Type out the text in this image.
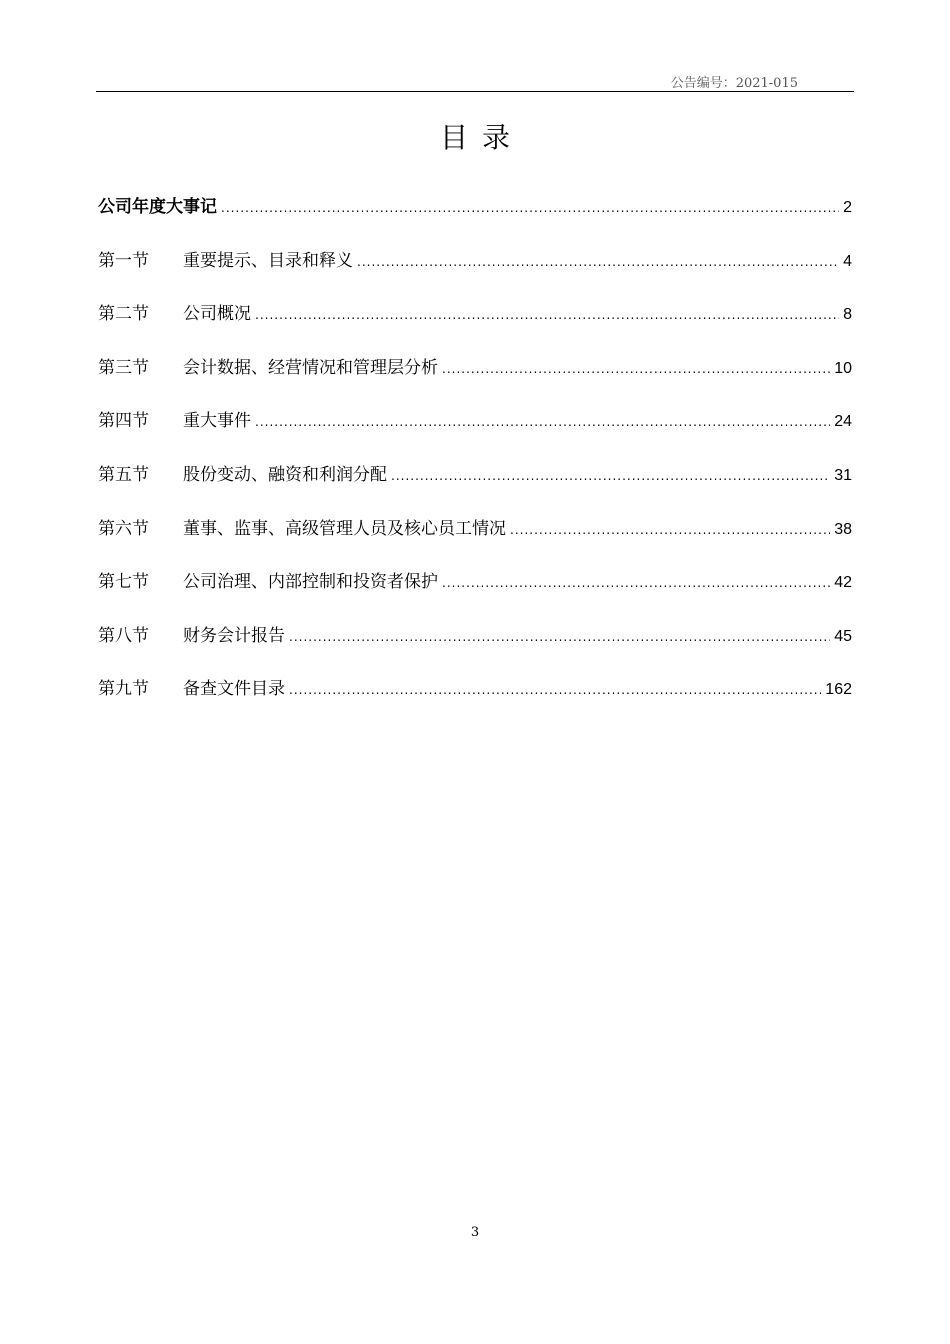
公告编号：2021-015
目录
公司年度大事记 .....	2
第一节	重要提示、目录和释义 .....	4
第二节	公司概况 .....	8
第三节	会计数据、经营情况和管理层分析 .....	10
第四节	重大事件 .....	24
第五节	股份变动、融资和利润分配 .....	31
第六节	董事、监事、高级管理人员及核心员工情况 .....	38
第七节	公司治理、内部控制和投资者保护 .....	42
第八节	财务会计报告 .....	45
第九节	备查文件目录 .....	162
3
